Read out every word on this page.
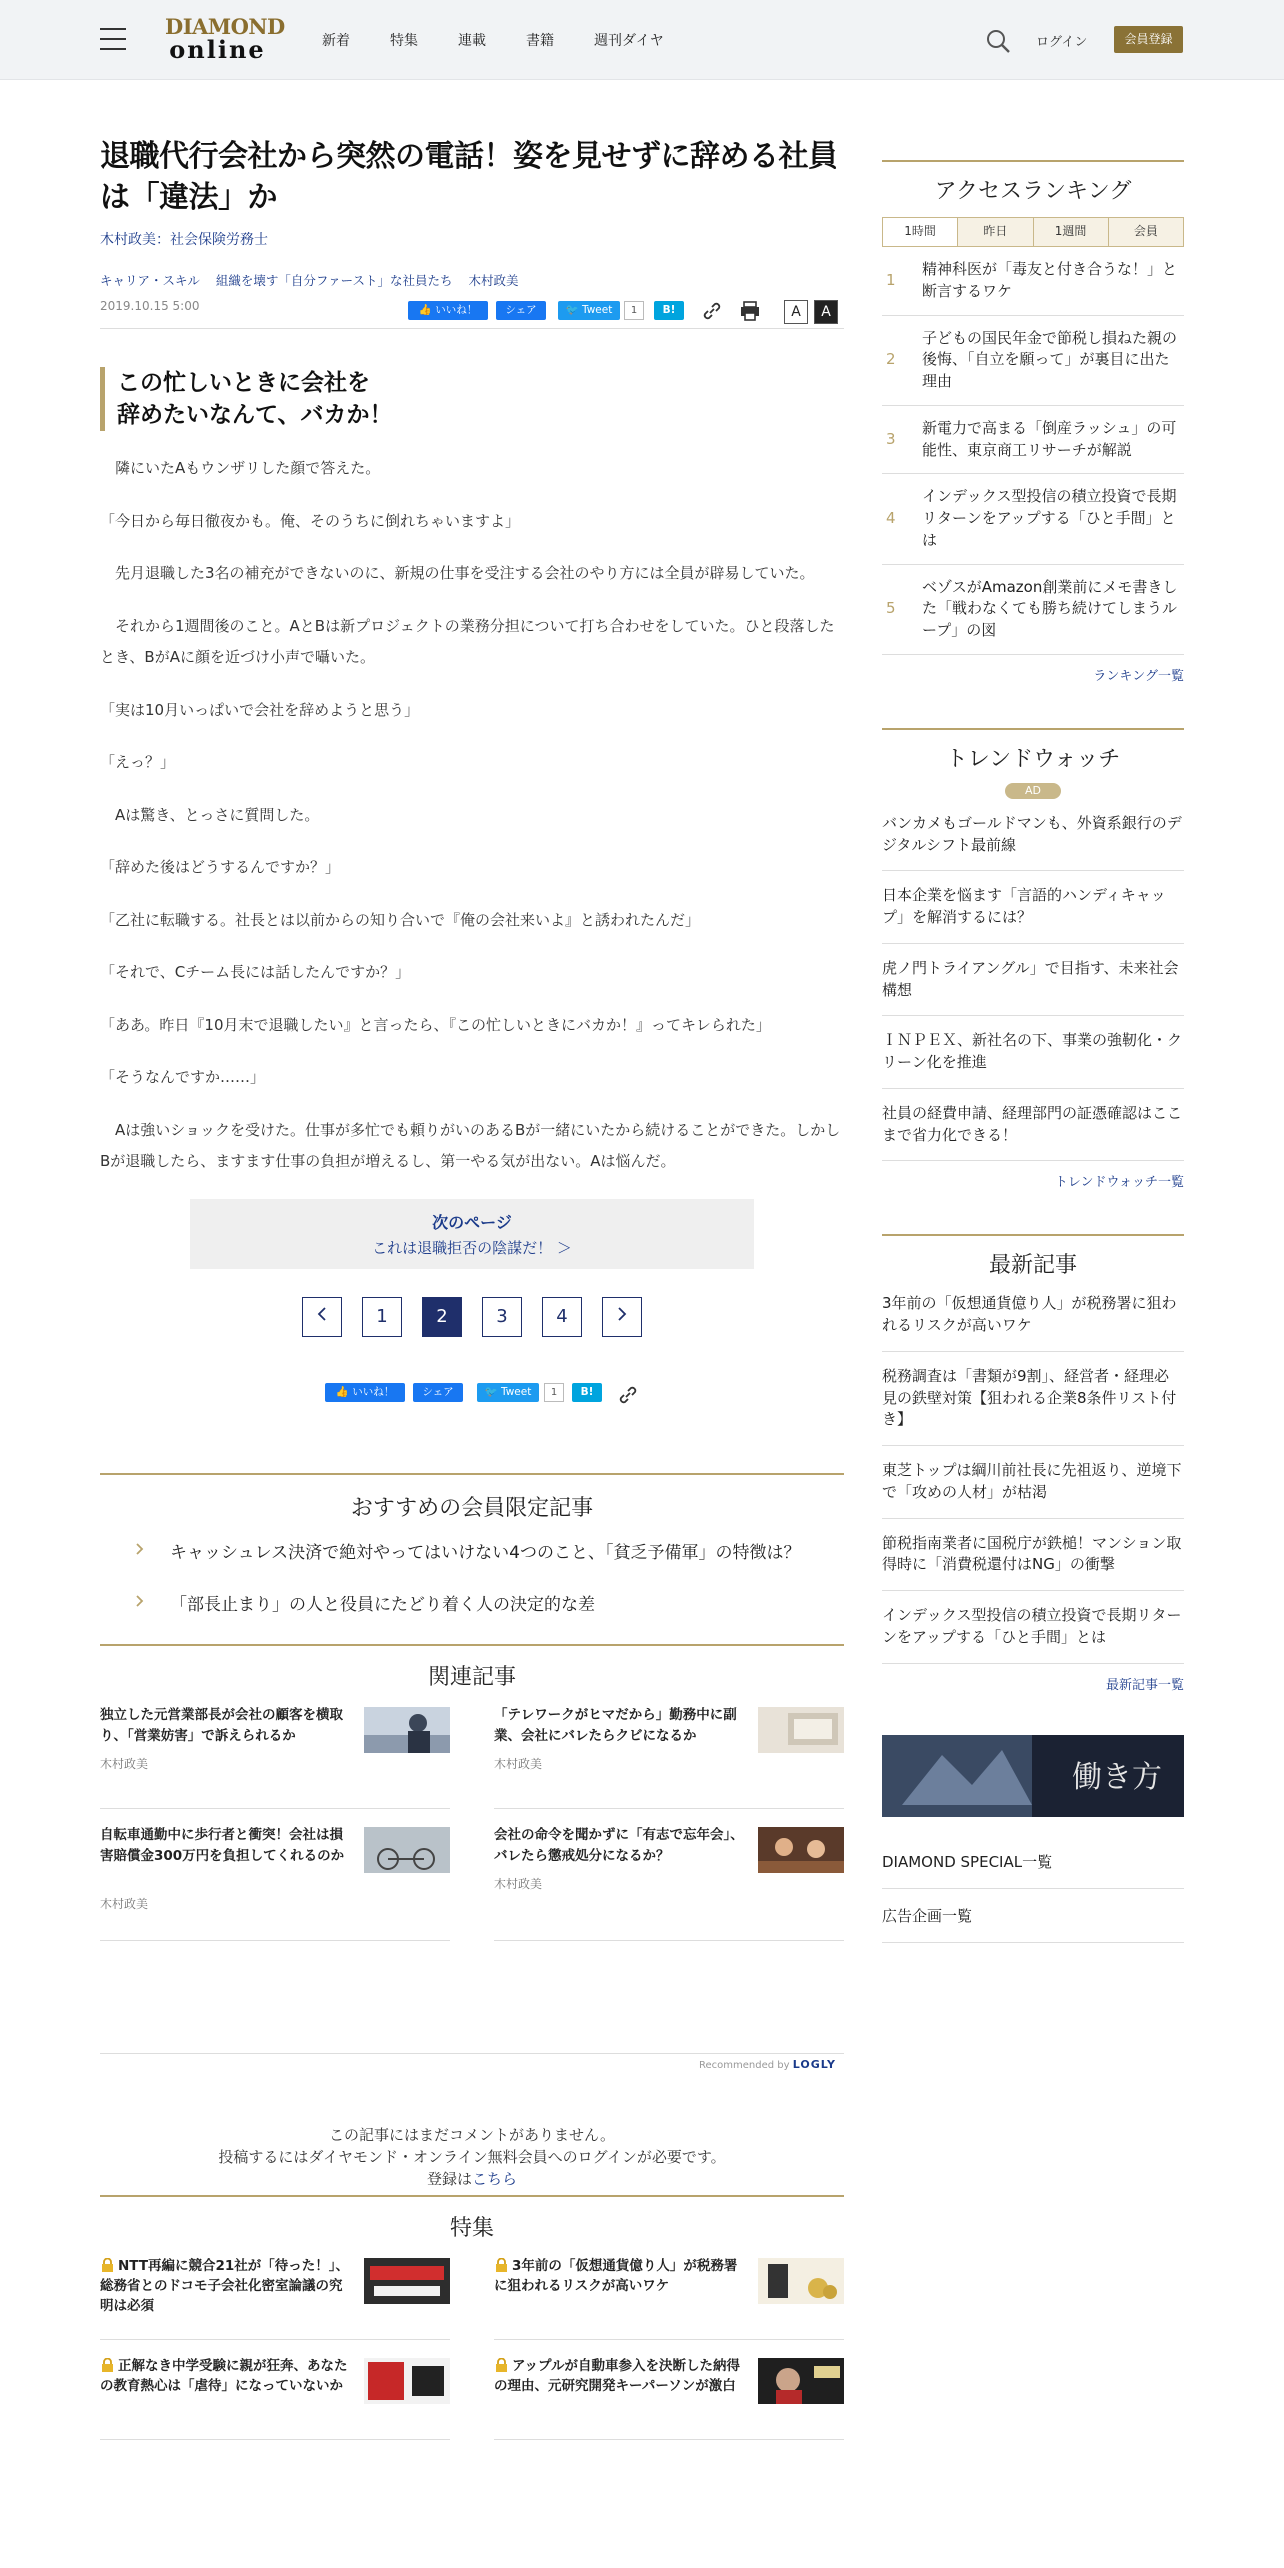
DIAMOND
online	新着	特集	連載	書籍	週刊ダイヤ	ログイン	会員登録
退職代行会社から突然の電話！姿を見せずに辞める社員は「違法」か
木村政美：社会保険労務士
キャリア・スキル 組織を壊す「自分ファースト」な社員たち 木村政美
2019.10.15 5:00	👍 いいね！	シェア	🐦 Tweet	1	B!	A	A
この忙しいときに会社を
辞めたいなんて、バカか！

　隣にいたAもウンザリした顔で答えた。

「今日から毎日徹夜かも。俺、そのうちに倒れちゃいますよ」

　先月退職した3名の補充ができないのに、新規の仕事を受注する会社のやり方には全員が辟易していた。

　それから1週間後のこと。AとBは新プロジェクトの業務分担について打ち合わせをしていた。ひと段落したとき、BがAに顔を近づけ小声で囁いた。

「実は10月いっぱいで会社を辞めようと思う」

「えっ？」

　Aは驚き、とっさに質問した。

「辞めた後はどうするんですか？」

「乙社に転職する。社長とは以前からの知り合いで『俺の会社来いよ』と誘われたんだ」

「それで、Cチーム長には話したんですか？」

「ああ。昨日『10月末で退職したい』と言ったら、『この忙しいときにバカか！』ってキレられた」

「そうなんですか……」

　Aは強いショックを受けた。仕事が多忙でも頼りがいのあるBが一緒にいたから続けることができた。しかしBが退職したら、ますます仕事の負担が増えるし、第一やる気が出ない。Aは悩んだ。

次のページ
これは退職拒否の陰謀だ！ ＞
1	2	3	4
👍 いいね！	シェア	🐦 Tweet	1	B!
おすすめの会員限定記事
キャッシュレス決済で絶対やってはいけない4つのこと、「貧乏予備軍」の特徴は？
「部長止まり」の人と役員にたどり着く人の決定的な差
関連記事
独立した元営業部長が会社の顧客を横取り、「営業妨害」で訴えられるか
木村政美
「テレワークがヒマだから」勤務中に副業、会社にバレたらクビになるか
木村政美
自転車通勤中に歩行者と衝突！会社は損害賠償金300万円を負担してくれるのか
木村政美
会社の命令を聞かずに「有志で忘年会」、バレたら懲戒処分になるか？
木村政美
Recommended by LOGLY
この記事にはまだコメントがありません。
投稿するにはダイヤモンド・オンライン無料会員へのログインが必要です。
登録はこちら
特集
NTT再編に競合21社が「待った！」、総務省とのドコモ子会社化密室論議の究明は必須
3年前の「仮想通貨億り人」が税務署に狙われるリスクが高いワケ
正解なき中学受験に親が狂奔、あなたの教育熱心は「虐待」になっていないか
アップルが自動車参入を決断した納得の理由、元研究開発キーパーソンが激白
アクセスランキング
1時間	昨日	1週間	会員
1
精神科医が「毒友と付き合うな！」と断言するワケ
2
子どもの国民年金で節税し損ねた親の後悔、「自立を願って」が裏目に出た理由
3
新電力で高まる「倒産ラッシュ」の可能性、東京商工リサーチが解説
4
インデックス型投信の積立投資で長期リターンをアップする「ひと手間」とは
5
ベゾスがAmazon創業前にメモ書きした「戦わなくても勝ち続けてしまうループ」の図
ランキング一覧
トレンドウォッチ
AD
バンカメもゴールドマンも、外資系銀行のデジタルシフト最前線
日本企業を悩ます「言語的ハンディキャップ」を解消するには？
虎ノ門トライアングル」で目指す、未来社会構想
ＩＮＰＥＸ、新社名の下、事業の強靭化・クリーン化を推進
社員の経費申請、経理部門の証憑確認はここまで省力化できる！
トレンドウォッチ一覧
最新記事
3年前の「仮想通貨億り人」が税務署に狙われるリスクが高いワケ
税務調査は「書類が9割」、経営者・経理必見の鉄壁対策【狙われる企業8条件リスト付き】
東芝トップは綱川前社長に先祖返り、逆境下で「攻めの人材」が枯渇
節税指南業者に国税庁が鉄槌！マンション取得時に「消費税還付はNG」の衝撃
インデックス型投信の積立投資で長期リターンをアップする「ひと手間」とは
最新記事一覧
働き方
DIAMOND SPECIAL一覧
広告企画一覧
